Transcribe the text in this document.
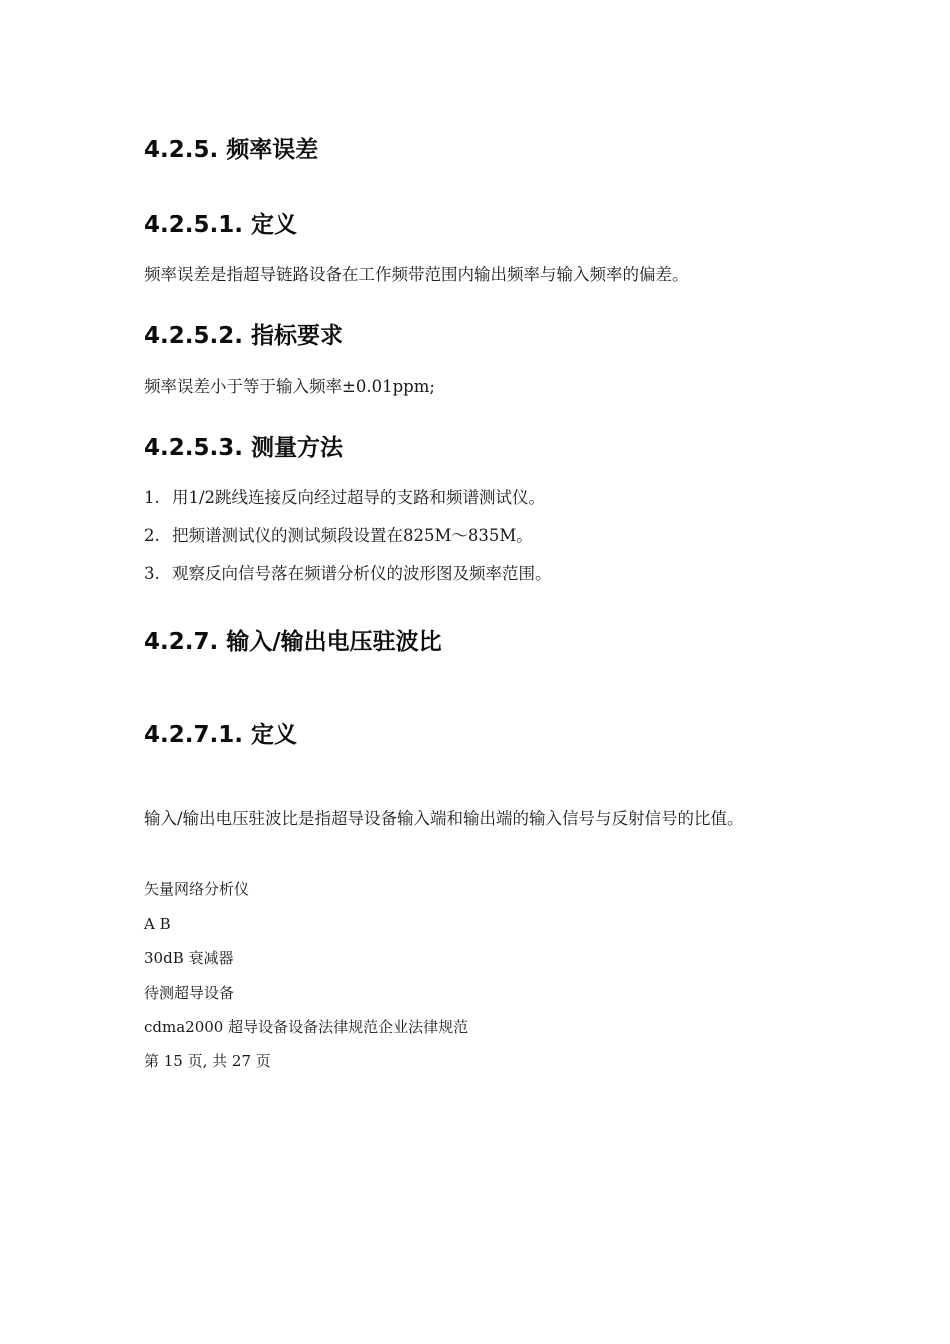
4.2.5. 频率误差
4.2.5.1. 定义

频率误差是指超导链路设备在工作频带范围内输出频率与输入频率的偏差。

4.2.5.2. 指标要求

频率误差小于等于输入频率±0.01ppm;

4.2.5.3. 测量方法

1. 用1/2跳线连接反向经过超导的支路和频谱测试仪。

2. 把频谱测试仪的测试频段设置在825M～835M。

3. 观察反向信号落在频谱分析仪的波形图及频率范围。

4.2.7. 输入/输出电压驻波比
4.2.7.1. 定义

输入/输出电压驻波比是指超导设备输入端和输出端的输入信号与反射信号的比值。

矢量网络分析仪

A B

30dB 衰减器

待测超导设备

cdma2000 超导设备设备法律规范企业法律规范

第 15 页, 共 27 页
